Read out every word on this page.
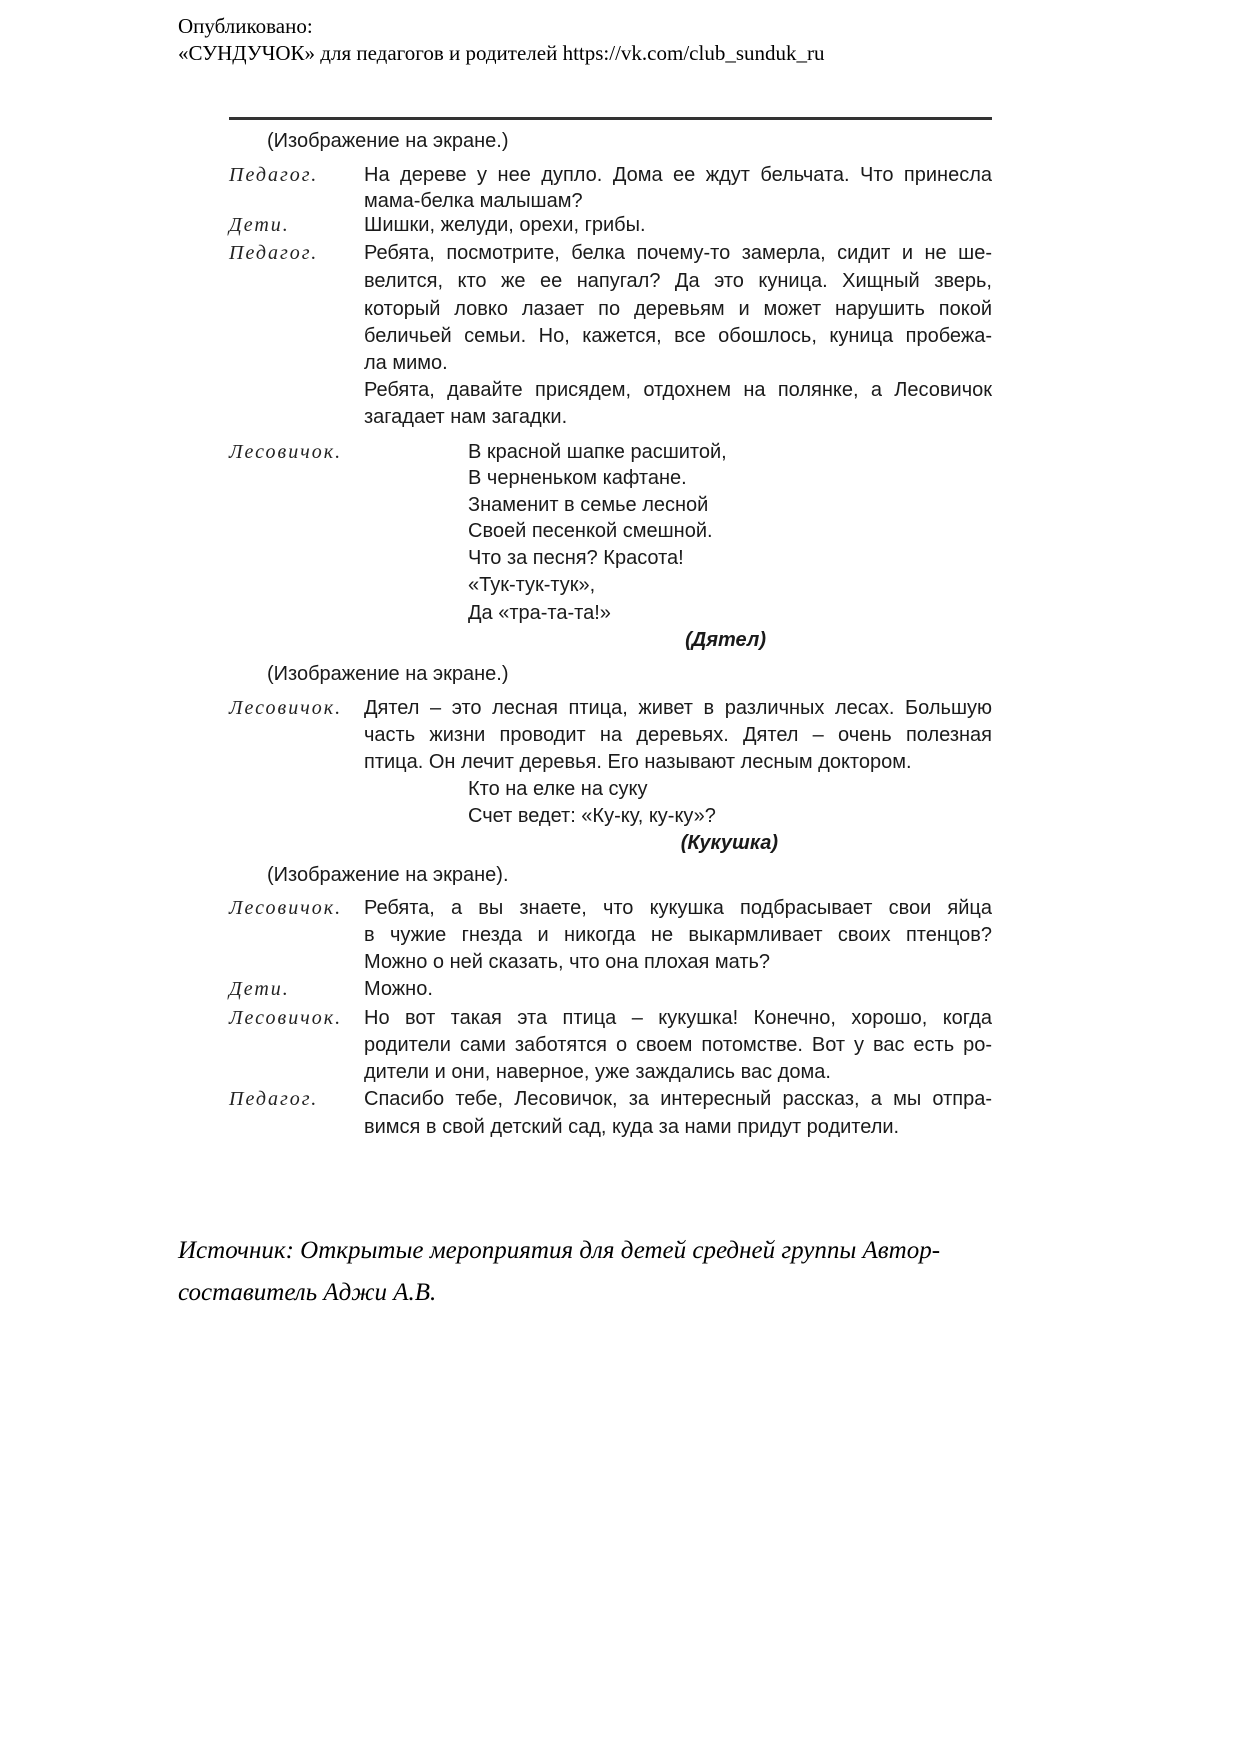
Опубликовано:
«СУНДУЧОК» для педагогов и родителей https://vk.com/club_sunduk_ru
(Изображение на экране.)
Педагог. На дереве у нее дупло. Дома ее ждут бельчата. Что принесла
мама-белка малышам?
Дети.	Шишки, желуди, орехи, грибы.
Педагог. Ребята, посмотрите, белка почему-то замерла, сидит и не ше-
велится, кто же ее напугал? Да это куница. Хищный зверь,
который ловко лазает по деревьям и может нарушить покой
беличьей семьи. Но, кажется, все обошлось, куница пробежа-
ла мимо.
Ребята, давайте присядем, отдохнем на полянке, а Лесовичок
загадает нам загадки.
Лесовичок.	В красной шапке расшитой,
В черненьком кафтане.
Знаменит в семье лесной
Своей песенкой смешной.
Что за песня? Красота!
«Тук-тук-тук»,
Да «тра-та-та!»
(Дятел)
(Изображение на экране.)
Лесовичок. Дятел – это лесная птица, живет в различных лесах. Большую
часть жизни проводит на деревьях. Дятел – очень полезная
птица. Он лечит деревья. Его называют лесным доктором.
Кто на елке на суку
Счет ведет: «Ку-ку, ку-ку»?
(Кукушка)
(Изображение на экране).
Лесовичок. Ребята, а вы знаете, что кукушка подбрасывает свои яйца
в чужие гнезда и никогда не выкармливает своих птенцов?
Можно о ней сказать, что она плохая мать?
Дети.	Можно.
Лесовичок. Но вот такая эта птица – кукушка! Конечно, хорошо, когда
родители сами заботятся о своем потомстве. Вот у вас есть ро-
дители и они, наверное, уже заждались вас дома.
Педагог. Спасибо тебе, Лесовичок, за интересный рассказ, а мы отпра-
вимся в свой детский сад, куда за нами придут родители.
Источник: Открытые мероприятия для детей средней группы Автор-
составитель Аджи А.В.
